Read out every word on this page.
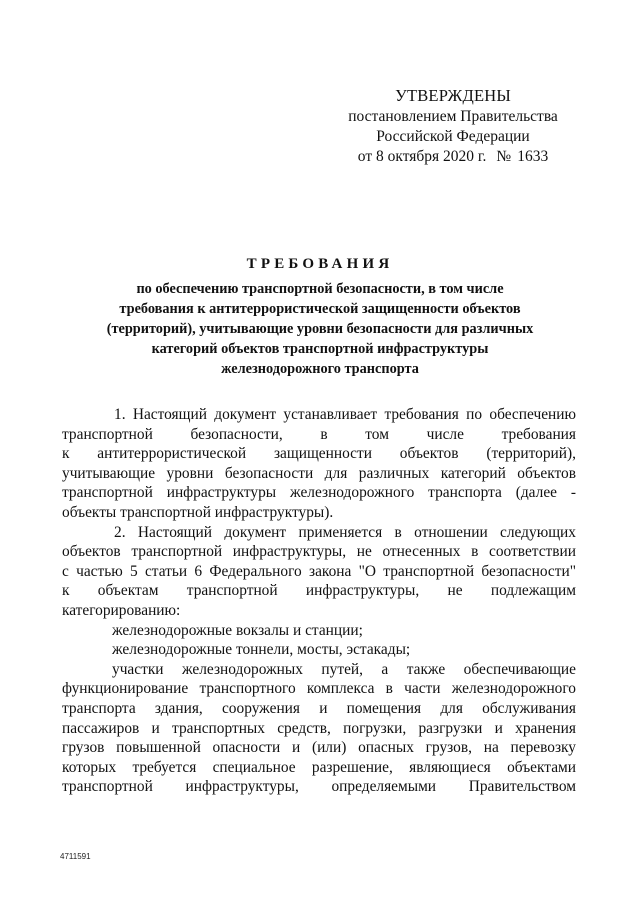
УТВЕРЖДЕНЫ
постановлением Правительства
Российской Федерации
от 8 октября 2020 г. № 1633
ТРЕБОВАНИЯ
по обеспечению транспортной безопасности, в том числе
требования к антитеррористической защищенности объектов
(территорий), учитывающие уровни безопасности для различных
категорий объектов транспортной инфраструктуры
железнодорожного транспорта
1. Настоящий документ устанавливает требования по обеспечению
транспортной безопасности, в том числе требования
к антитеррористической защищенности объектов (территорий),
учитывающие уровни безопасности для различных категорий объектов
транспортной инфраструктуры железнодорожного транспорта (далее -
объекты транспортной инфраструктуры).
2. Настоящий документ применяется в отношении следующих
объектов транспортной инфраструктуры, не отнесенных в соответствии
с частью 5 статьи 6 Федерального закона "О транспортной безопасности"
к объектам транспортной инфраструктуры, не подлежащим
категорированию:
железнодорожные вокзалы и станции;
железнодорожные тоннели, мосты, эстакады;
участки железнодорожных путей, а также обеспечивающие
функционирование транспортного комплекса в части железнодорожного
транспорта здания, сооружения и помещения для обслуживания
пассажиров и транспортных средств, погрузки, разгрузки и хранения
грузов повышенной опасности и (или) опасных грузов, на перевозку
которых требуется специальное разрешение, являющиеся объектами
транспортной инфраструктуры, определяемыми Правительством
4711591
